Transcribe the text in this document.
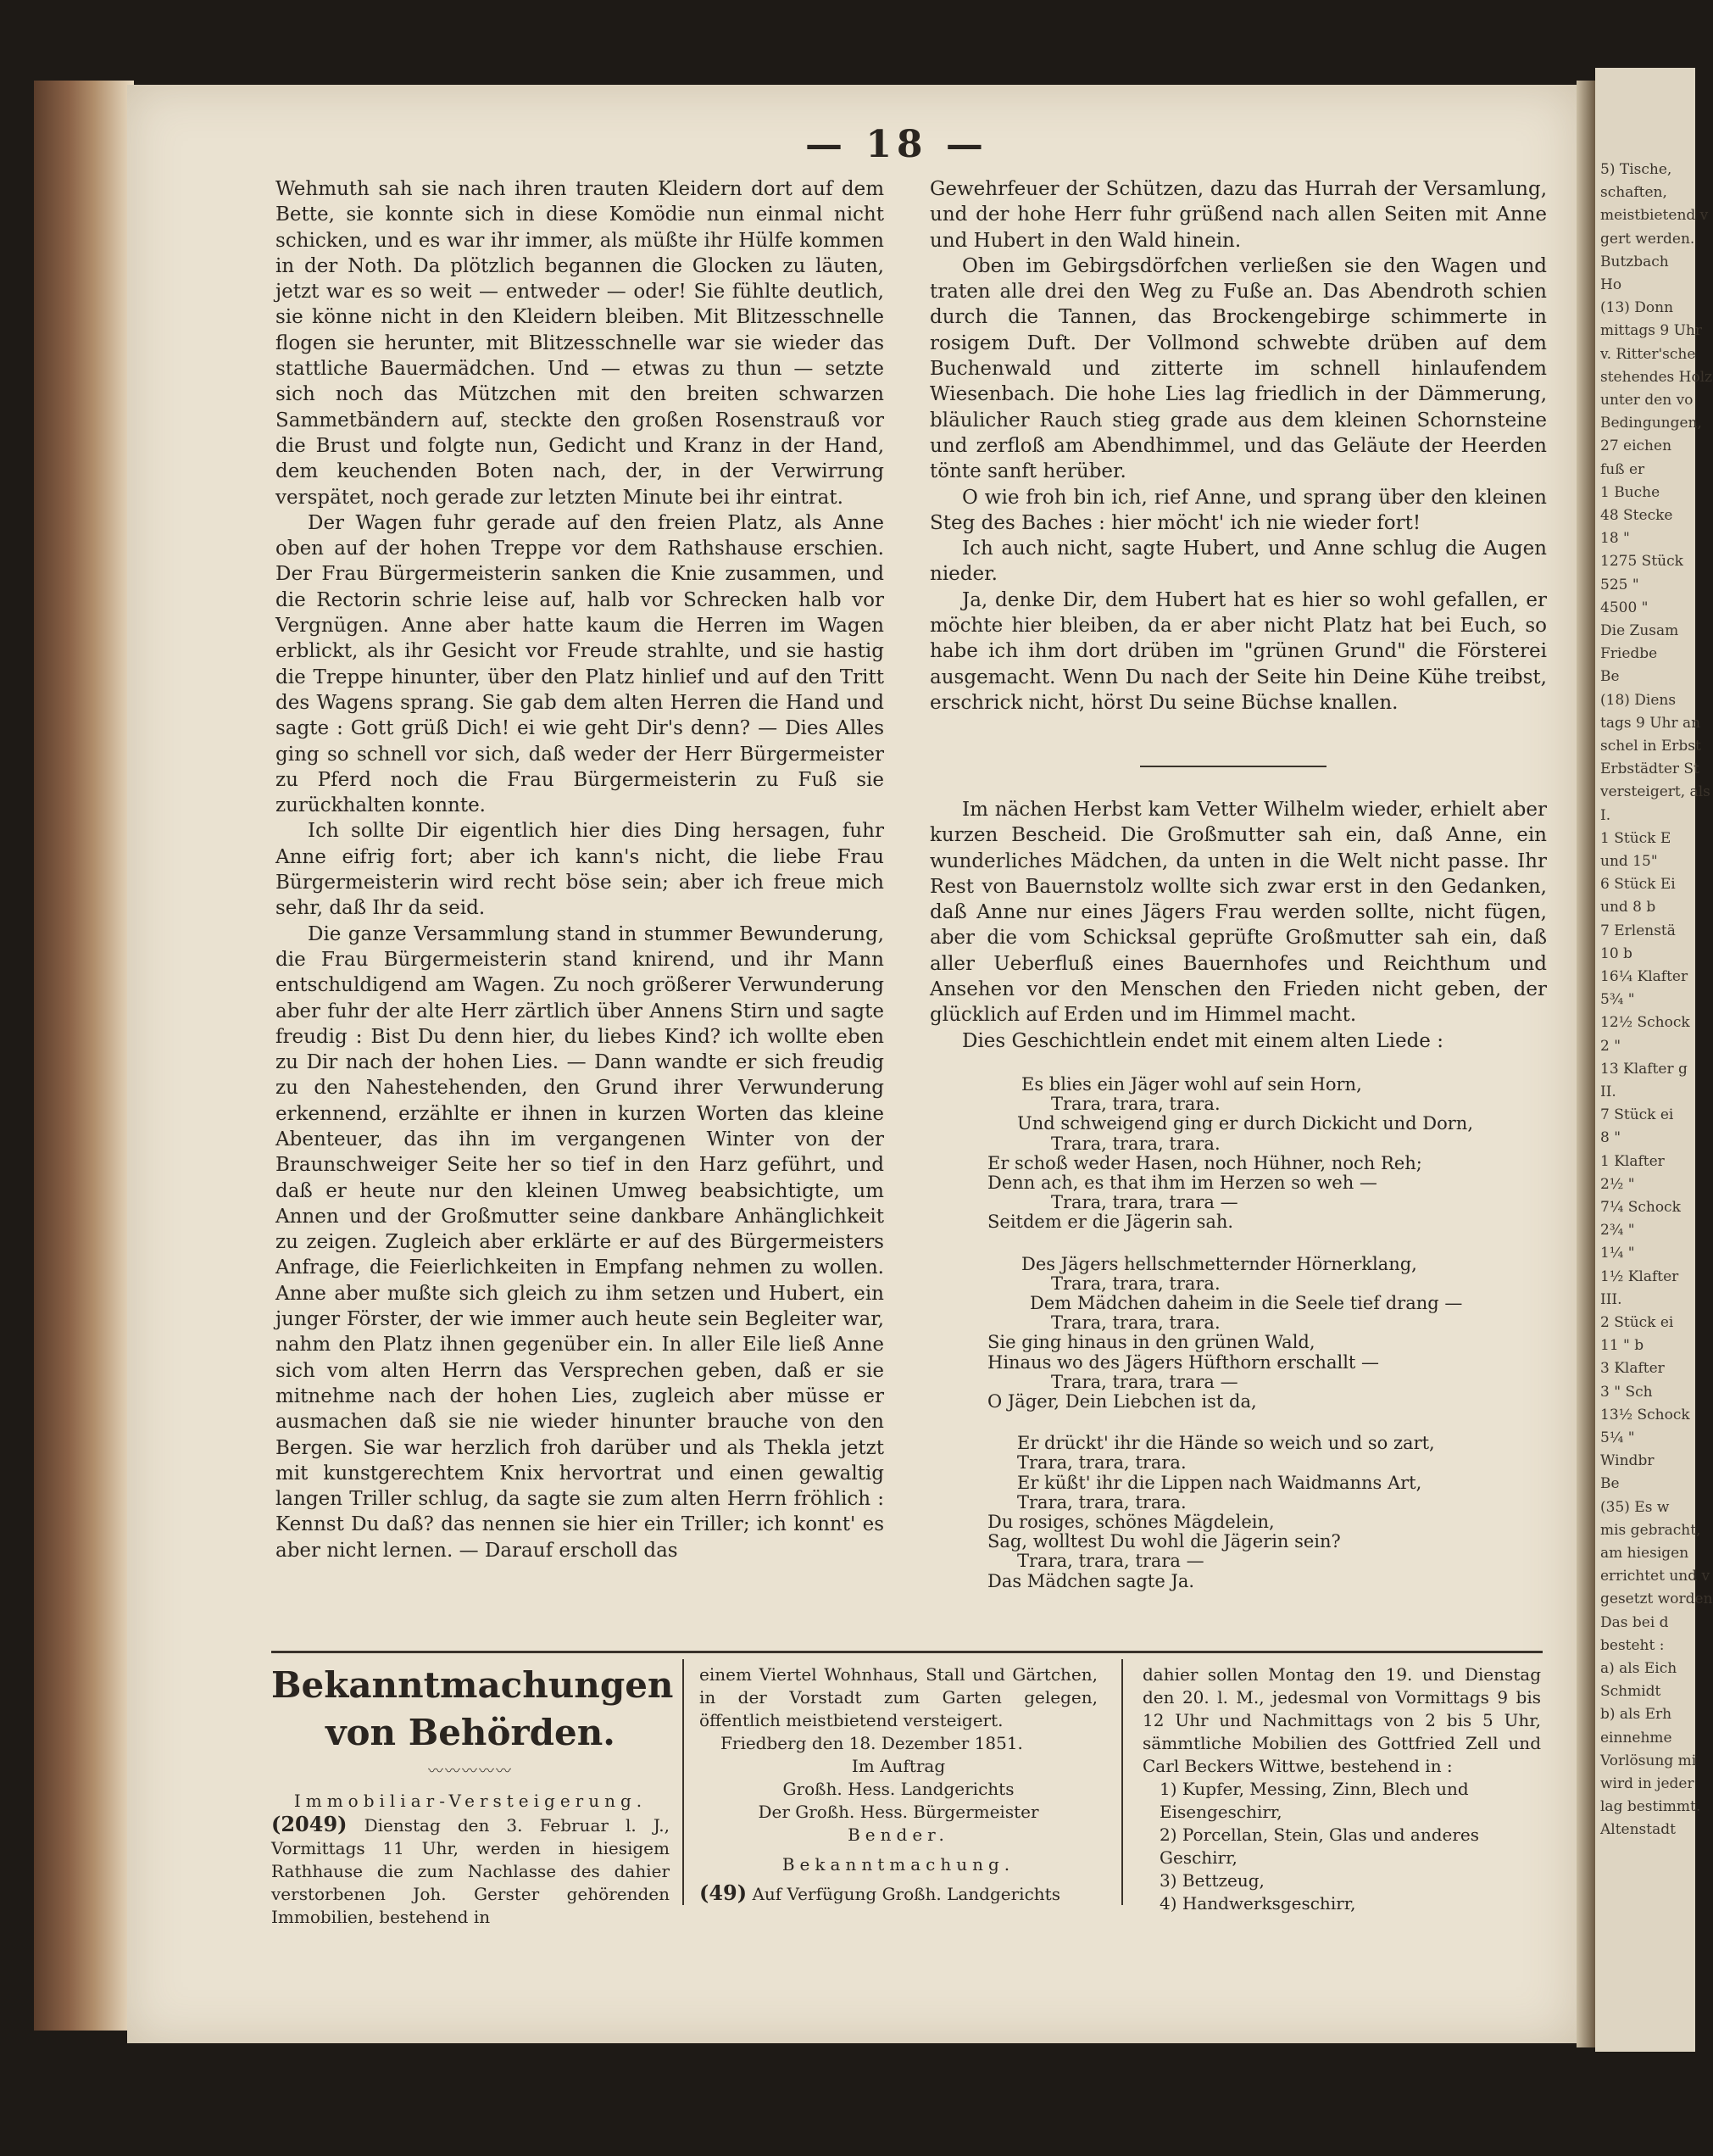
5) Tische,
schaften,
meistbietend v
gert werden.
Butzbach
Ho
(13) Donn
mittags 9 Uhr
v. Ritter'sche
stehendes Holz
unter den vo
Bedingungen,
27 eichen
fuß er
1 Buche
48 Stecke
18 "
1275 Stück
525 "
4500 "
Die Zusam
Friedbe
Be
(18) Diens
tags 9 Uhr an
schel in Erbst
Erbstädter St
versteigert, als
I.
1 Stück E
und 15"
6 Stück Ei
und 8 b
7 Erlenstä
10 b
16¼ Klafter
5¾ "
12½ Schock
2 "
13 Klafter g
II.
7 Stück ei
8 "
1 Klafter
2½ "
7¼ Schock
2¾ "
1¼ "
1½ Klafter
III.
2 Stück ei
11 " b
3 Klafter
3 " Sch
13½ Schock
5¼ "
Windbr
Be
(35) Es w
mis gebracht,
am hiesigen
errichtet und v
gesetzt worden
Das bei d
besteht :
a) als Eich
Schmidt
b) als Erh
einnehme
Vorlösung mi
wird in jeder
lag bestimmt.
Altenstadt
— 18 —

Wehmuth sah sie nach ihren trauten Kleidern dort auf dem Bette, sie konnte sich in diese Komödie nun einmal nicht schicken, und es war ihr immer, als müßte ihr Hülfe kommen in der Noth. Da plötzlich begannen die Glocken zu läuten, jetzt war es so weit — entweder — oder! Sie fühlte deutlich, sie könne nicht in den Kleidern bleiben. Mit Blitzesschnelle flogen sie herunter, mit Blitzesschnelle war sie wieder das stattliche Bauermädchen. Und — etwas zu thun — setzte sich noch das Mützchen mit den breiten schwarzen Sammetbändern auf, steckte den großen Rosenstrauß vor die Brust und folgte nun, Gedicht und Kranz in der Hand, dem keuchenden Boten nach, der, in der Verwirrung verspätet, noch gerade zur letzten Minute bei ihr eintrat.

Der Wagen fuhr gerade auf den freien Platz, als Anne oben auf der hohen Treppe vor dem Rathshause erschien. Der Frau Bürgermeisterin sanken die Knie zusammen, und die Rectorin schrie leise auf, halb vor Schrecken halb vor Vergnügen. Anne aber hatte kaum die Herren im Wagen erblickt, als ihr Gesicht vor Freude strahlte, und sie hastig die Treppe hinunter, über den Platz hinlief und auf den Tritt des Wagens sprang. Sie gab dem alten Herren die Hand und sagte : Gott grüß Dich! ei wie geht Dir's denn? — Dies Alles ging so schnell vor sich, daß weder der Herr Bürgermeister zu Pferd noch die Frau Bürgermeisterin zu Fuß sie zurückhalten konnte.

Ich sollte Dir eigentlich hier dies Ding hersagen, fuhr Anne eifrig fort; aber ich kann's nicht, die liebe Frau Bürgermeisterin wird recht böse sein; aber ich freue mich sehr, daß Ihr da seid.

Die ganze Versammlung stand in stummer Bewunderung, die Frau Bürgermeisterin stand knirend, und ihr Mann entschuldigend am Wagen. Zu noch größerer Verwunderung aber fuhr der alte Herr zärtlich über Annens Stirn und sagte freudig : Bist Du denn hier, du liebes Kind? ich wollte eben zu Dir nach der hohen Lies. — Dann wandte er sich freudig zu den Nahestehenden, den Grund ihrer Verwunderung erkennend, erzählte er ihnen in kurzen Worten das kleine Abenteuer, das ihn im vergangenen Winter von der Braunschweiger Seite her so tief in den Harz geführt, und daß er heute nur den kleinen Umweg beabsichtigte, um Annen und der Großmutter seine dankbare Anhänglichkeit zu zeigen. Zugleich aber erklärte er auf des Bürgermeisters Anfrage, die Feierlichkeiten in Empfang nehmen zu wollen. Anne aber mußte sich gleich zu ihm setzen und Hubert, ein junger Förster, der wie immer auch heute sein Begleiter war, nahm den Platz ihnen gegenüber ein. In aller Eile ließ Anne sich vom alten Herrn das Versprechen geben, daß er sie mitnehme nach der hohen Lies, zugleich aber müsse er ausmachen daß sie nie wieder hinunter brauche von den Bergen. Sie war herzlich froh darüber und als Thekla jetzt mit kunstgerechtem Knix hervortrat und einen gewaltig langen Triller schlug, da sagte sie zum alten Herrn fröhlich : Kennst Du daß? das nennen sie hier ein Triller; ich konnt' es aber nicht lernen. — Darauf erscholl das

Gewehrfeuer der Schützen, dazu das Hurrah der Versamlung, und der hohe Herr fuhr grüßend nach allen Seiten mit Anne und Hubert in den Wald hinein.

Oben im Gebirgsdörfchen verließen sie den Wagen und traten alle drei den Weg zu Fuße an. Das Abendroth schien durch die Tannen, das Brockengebirge schimmerte in rosigem Duft. Der Vollmond schwebte drüben auf dem Buchenwald und zitterte im schnell hinlaufendem Wiesenbach. Die hohe Lies lag friedlich in der Dämmerung, bläulicher Rauch stieg grade aus dem kleinen Schornsteine und zerfloß am Abendhimmel, und das Geläute der Heerden tönte sanft herüber.

O wie froh bin ich, rief Anne, und sprang über den kleinen Steg des Baches : hier möcht' ich nie wieder fort!

Ich auch nicht, sagte Hubert, und Anne schlug die Augen nieder.

Ja, denke Dir, dem Hubert hat es hier so wohl gefallen, er möchte hier bleiben, da er aber nicht Platz hat bei Euch, so habe ich ihm dort drüben im "grünen Grund" die Försterei ausgemacht. Wenn Du nach der Seite hin Deine Kühe treibst, erschrick nicht, hörst Du seine Büchse knallen.

Im nächen Herbst kam Vetter Wilhelm wieder, erhielt aber kurzen Bescheid. Die Großmutter sah ein, daß Anne, ein wunderliches Mädchen, da unten in die Welt nicht passe. Ihr Rest von Bauernstolz wollte sich zwar erst in den Gedanken, daß Anne nur eines Jägers Frau werden sollte, nicht fügen, aber die vom Schicksal geprüfte Großmutter sah ein, daß aller Ueberfluß eines Bauernhofes und Reichthum und Ansehen vor den Menschen den Frieden nicht geben, der glücklich auf Erden und im Himmel macht.

Dies Geschichtlein endet mit einem alten Liede :

Es blies ein Jäger wohl auf sein Horn,
Trara, trara, trara.
Und schweigend ging er durch Dickicht und Dorn,
Trara, trara, trara.
Er schoß weder Hasen, noch Hühner, noch Reh;
Denn ach, es that ihm im Herzen so weh —
Trara, trara, trara —
Seitdem er die Jägerin sah.
Des Jägers hellschmetternder Hörnerklang,
Trara, trara, trara.
Dem Mädchen daheim in die Seele tief drang —
Trara, trara, trara.
Sie ging hinaus in den grünen Wald,
Hinaus wo des Jägers Hüfthorn erschallt —
Trara, trara, trara —
O Jäger, Dein Liebchen ist da,
Er drückt' ihr die Hände so weich und so zart,
Trara, trara, trara.
Er küßt' ihr die Lippen nach Waidmanns Art,
Trara, trara, trara.
Du rosiges, schönes Mägdelein,
Sag, wolltest Du wohl die Jägerin sein?
Trara, trara, trara —
Das Mädchen sagte Ja.
Bekanntmachungen von Behörden.
〰〰〰〰〰
Immobiliar-Versteigerung.

(2049) Dienstag den 3. Februar l. J., Vormittags 11 Uhr, werden in hiesigem Rathhause die zum Nachlasse des dahier verstorbenen Joh. Gerster gehörenden Immobilien, bestehend in

einem Viertel Wohnhaus, Stall und Gärtchen, in der Vorstadt zum Garten gelegen, öffentlich meistbietend versteigert.

Friedberg den 18. Dezember 1851.
Im Auftrag
Großh. Hess. Landgerichts
Der Großh. Hess. Bürgermeister
Bender.
Bekanntmachung.

(49) Auf Verfügung Großh. Landgerichts

dahier sollen Montag den 19. und Dienstag den 20. l. M., jedesmal von Vormittags 9 bis 12 Uhr und Nachmittags von 2 bis 5 Uhr, sämmtliche Mobilien des Gottfried Zell und Carl Beckers Wittwe, bestehend in :

1) Kupfer, Messing, Zinn, Blech und Eisengeschirr,
2) Porcellan, Stein, Glas und anderes Geschirr,
3) Bettzeug,
4) Handwerksgeschirr,
